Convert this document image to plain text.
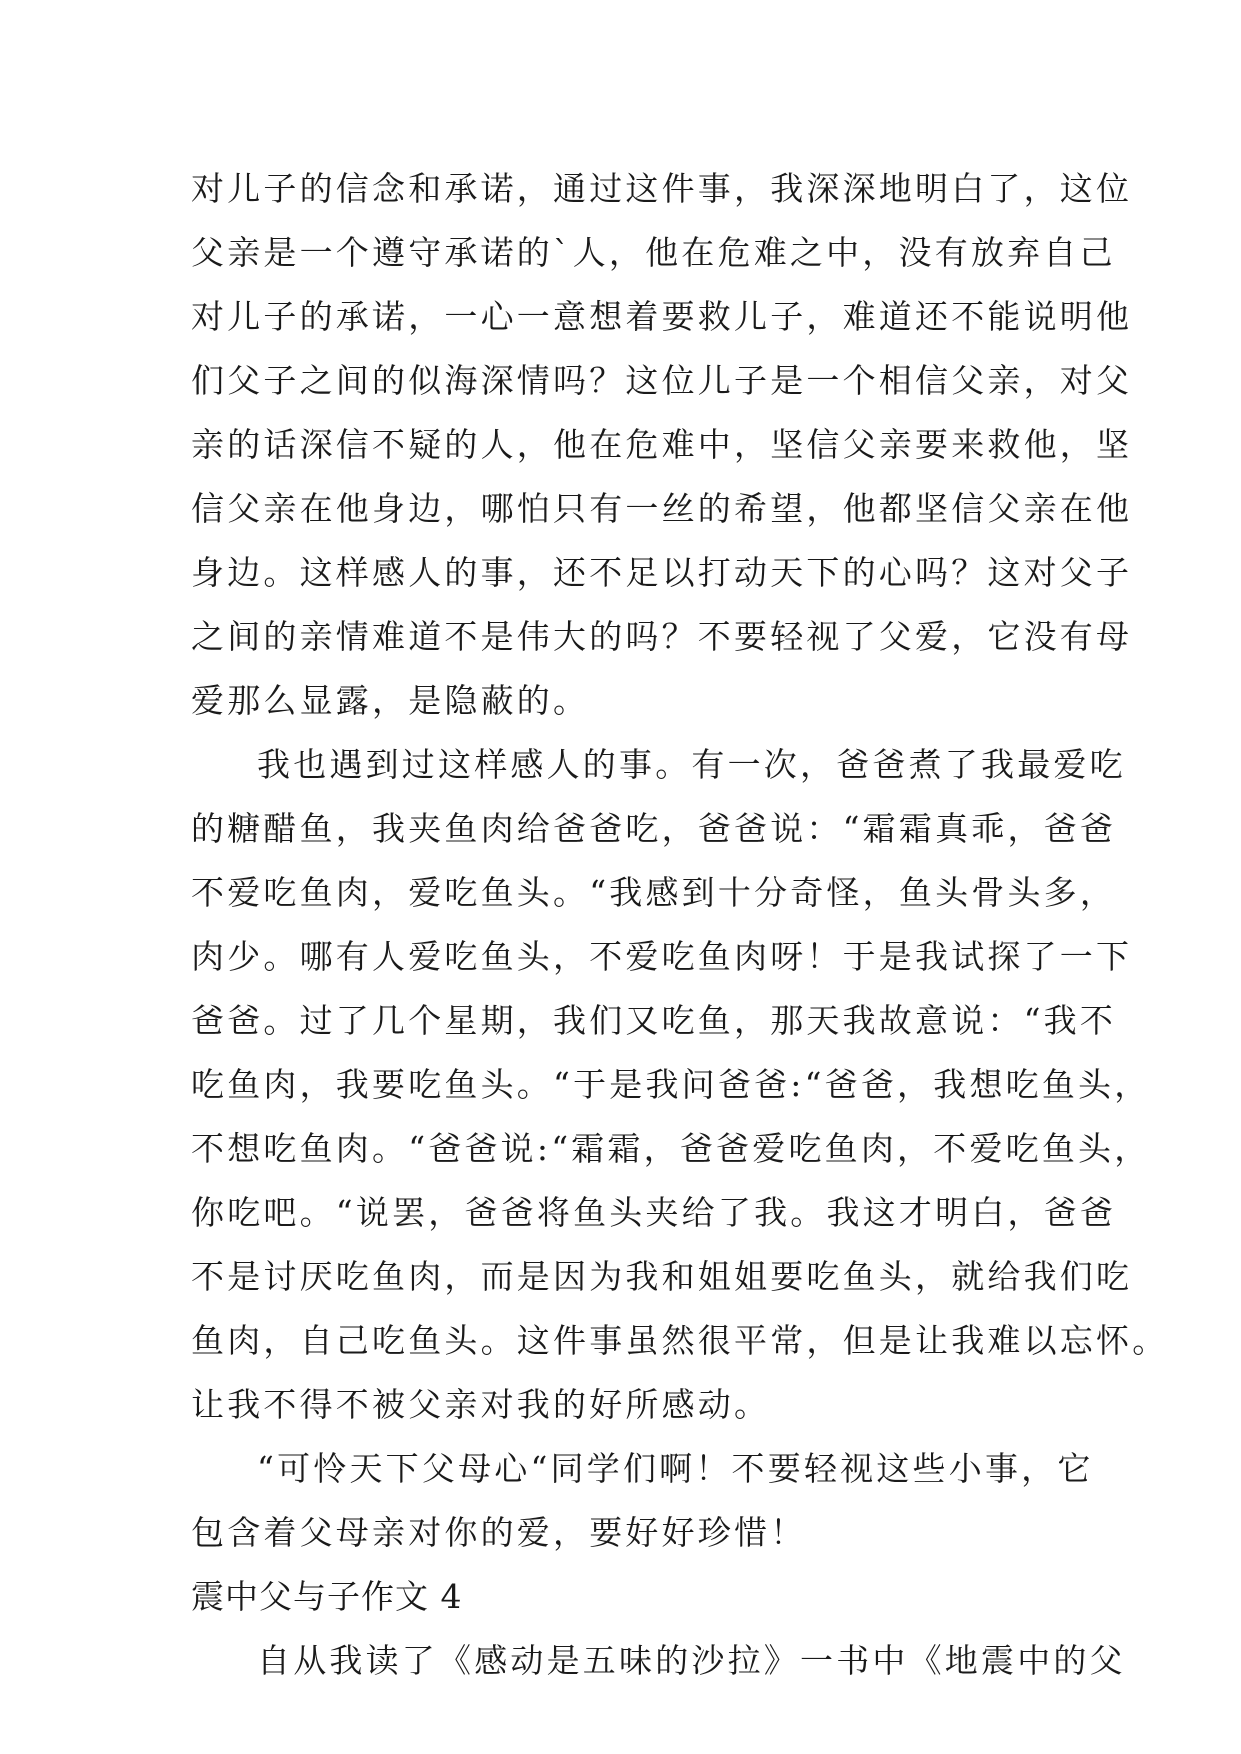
对儿子的信念和承诺，通过这件事，我深深地明白了，这位
父亲是一个遵守承诺的`人，他在危难之中，没有放弃自己
对儿子的承诺，一心一意想着要救儿子，难道还不能说明他
们父子之间的似海深情吗？这位儿子是一个相信父亲，对父
亲的话深信不疑的人，他在危难中，坚信父亲要来救他，坚
信父亲在他身边，哪怕只有一丝的希望，他都坚信父亲在他
身边。这样感人的事，还不足以打动天下的心吗？这对父子
之间的亲情难道不是伟大的吗？不要轻视了父爱，它没有母
爱那么显露，是隐蔽的。
我也遇到过这样感人的事。有一次，爸爸煮了我最爱吃
的糖醋鱼，我夹鱼肉给爸爸吃，爸爸说：“霜霜真乖，爸爸
不爱吃鱼肉，爱吃鱼头。“我感到十分奇怪，鱼头骨头多，
肉少。哪有人爱吃鱼头，不爱吃鱼肉呀！于是我试探了一下
爸爸。过了几个星期，我们又吃鱼，那天我故意说：“我不
吃鱼肉，我要吃鱼头。“于是我问爸爸:“爸爸，我想吃鱼头，
不想吃鱼肉。“爸爸说:“霜霜，爸爸爱吃鱼肉，不爱吃鱼头，
你吃吧。“说罢，爸爸将鱼头夹给了我。我这才明白，爸爸
不是讨厌吃鱼肉，而是因为我和姐姐要吃鱼头，就给我们吃
鱼肉，自己吃鱼头。这件事虽然很平常，但是让我难以忘怀。
让我不得不被父亲对我的好所感动。
“可怜天下父母心“同学们啊！不要轻视这些小事，它
包含着父母亲对你的爱，要好好珍惜！
震中父与子作文 4
自从我读了《感动是五味的沙拉》一书中《地震中的父
